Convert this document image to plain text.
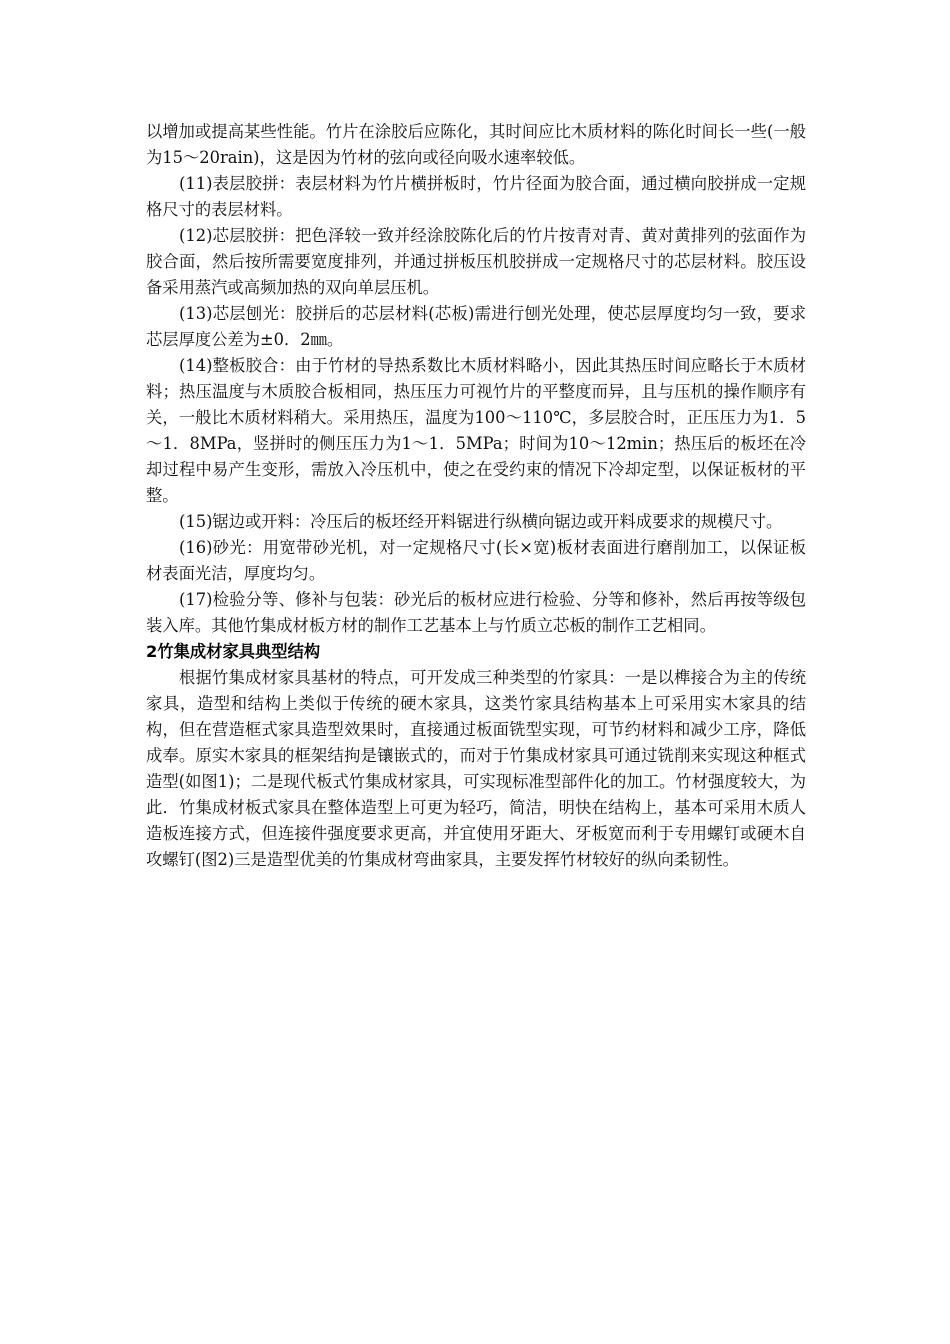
以增加或提高某些性能。竹片在涂胶后应陈化，其时间应比木质材料的陈化时间长一些(一般为15～20rain)，这是因为竹材的弦向或径向吸水速率较低。

(11)表层胶拼：表层材料为竹片横拼板时，竹片径面为胶合面，通过横向胶拼成一定规格尺寸的表层材料。

(12)芯层胶拼：把色泽较一致并经涂胶陈化后的竹片按青对青、黄对黄排列的弦面作为胶合面，然后按所需要宽度排列，并通过拼板压机胶拼成一定规格尺寸的芯层材料。胶压设备采用蒸汽或高频加热的双向单层压机。

(13)芯层刨光：胶拼后的芯层材料(芯板)需进行刨光处理，使芯层厚度均匀一致，要求芯层厚度公差为±0．2㎜。

(14)整板胶合：由于竹材的导热系数比木质材料略小，因此其热压时间应略长于木质材料；热压温度与木质胶合板相同，热压压力可视竹片的平整度而异，且与压机的操作顺序有关，一般比木质材料稍大。采用热压，温度为100～110℃，多层胶合时，正压压力为1．5～1．8MPa，竖拼时的侧压压力为1～1．5MPa；时间为10～12min；热压后的板坯在冷却过程中易产生变形，需放入冷压机中，使之在受约束的情况下冷却定型，以保证板材的平整。

(15)锯边或开料：冷压后的板坯经开料锯进行纵横向锯边或开料成要求的规模尺寸。

(16)砂光：用宽带砂光机，对一定规格尺寸(长×宽)板材表面进行磨削加工，以保证板材表面光洁，厚度均匀。

(17)检验分等、修补与包装：砂光后的板材应进行检验、分等和修补，然后再按等级包装入库。其他竹集成材板方材的制作工艺基本上与竹质立芯板的制作工艺相同。

2竹集成材家具典型结构

根据竹集成材家具基材的特点，可开发成三种类型的竹家具：一是以榫接合为主的传统家具，造型和结构上类似于传统的硬木家具，这类竹家具结构基本上可采用实木家具的结构，但在营造框式家具造型效果时，直接通过板面铣型实现，可节约材料和减少工序，降低成奉。原实木家具的框架结拘是镶嵌式的，而对于竹集成材家具可通过铣削来实现这种框式造型(如图1)；二是现代板式竹集成材家具，可实现标准型部件化的加工。竹材强度较大，为此．竹集成材板式家具在整体造型上可更为轻巧，简洁，明快在结构上，基本可采用木质人造板连接方式，但连接件强度要求更高，并宜使用牙距大、牙板宽而利于专用螺钉或硬木自攻螺钉(图2)三是造型优美的竹集成材弯曲家具，主要发挥竹材较好的纵向柔韧性。
